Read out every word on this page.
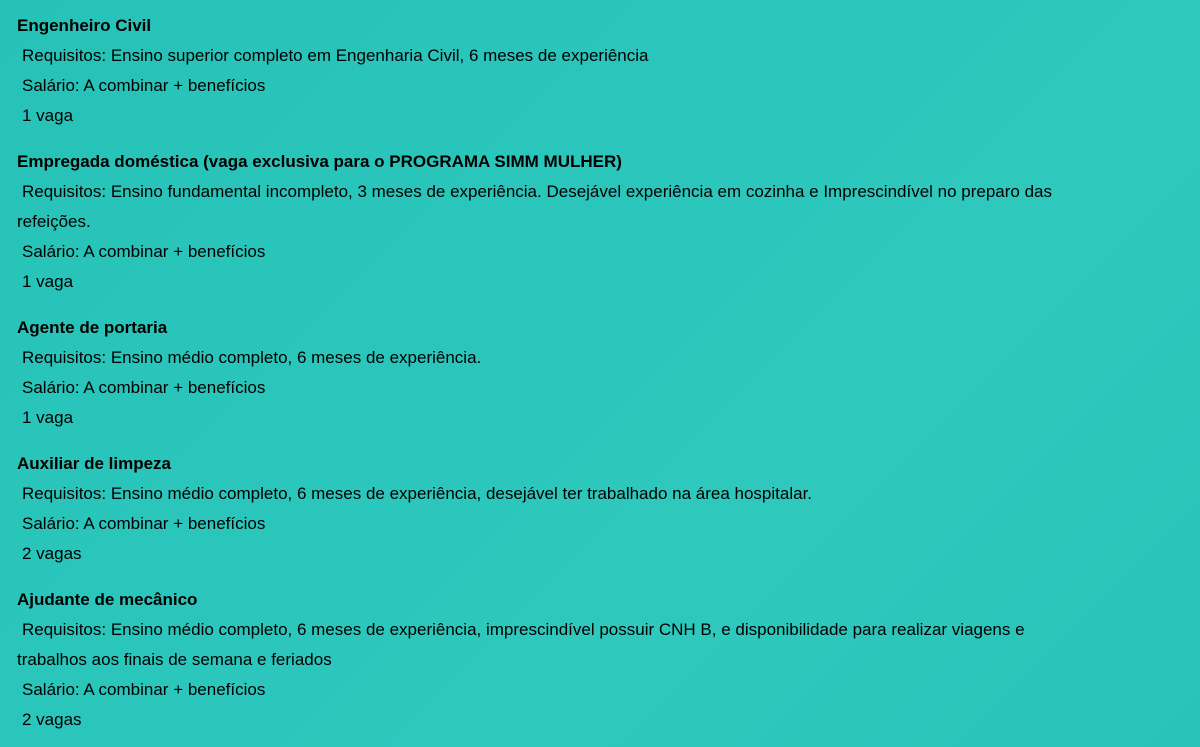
Engenheiro Civil

Requisitos: Ensino superior completo em Engenharia Civil, 6 meses de experiência

Salário: A combinar + benefícios

1 vaga

Empregada doméstica (vaga exclusiva para o PROGRAMA SIMM MULHER)

Requisitos: Ensino fundamental incompleto, 3 meses de experiência. Desejável experiência em cozinha e Imprescindível no preparo das

refeições.

Salário: A combinar + benefícios

1 vaga

Agente de portaria

Requisitos: Ensino médio completo, 6 meses de experiência.

Salário: A combinar + benefícios

1 vaga

Auxiliar de limpeza

Requisitos: Ensino médio completo, 6 meses de experiência, desejável ter trabalhado na área hospitalar.

Salário: A combinar + benefícios

2 vagas

Ajudante de mecânico

Requisitos: Ensino médio completo, 6 meses de experiência, imprescindível possuir CNH B, e disponibilidade para realizar viagens e

trabalhos aos finais de semana e feriados

Salário: A combinar + benefícios

2 vagas
